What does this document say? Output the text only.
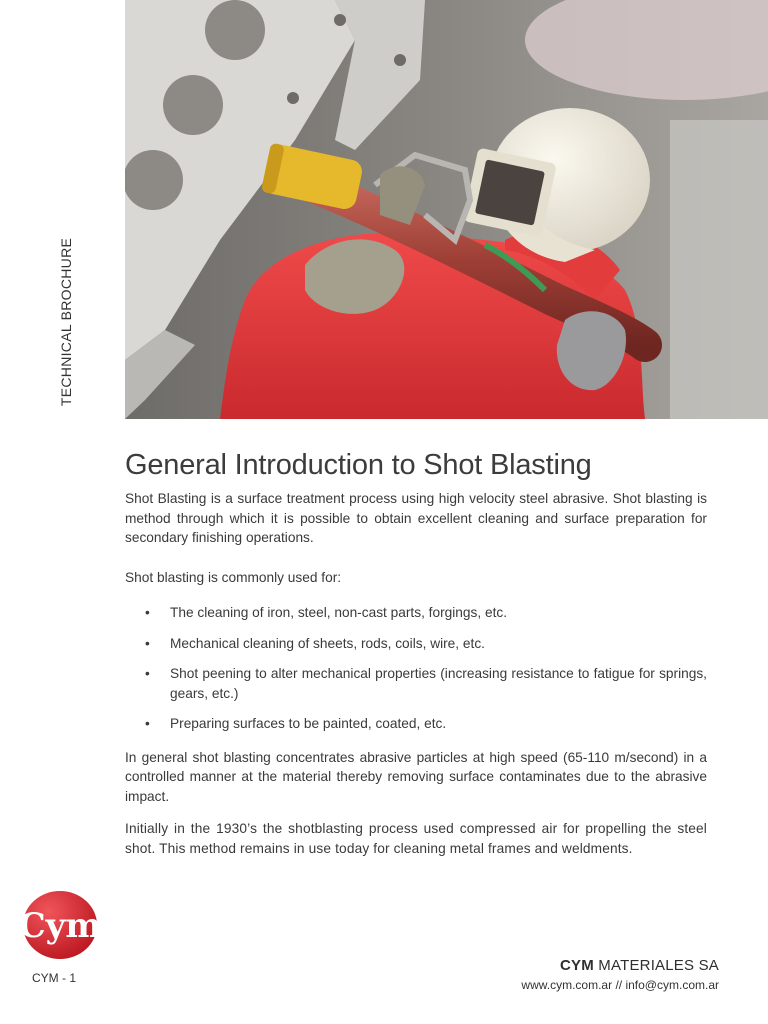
TECHNICAL BROCHURE
General Introduction to Shot Blasting

Shot Blasting is a surface treatment process using high velocity steel abrasive. Shot blasting is method through which it is possible to obtain excellent cleaning and surface preparation for secondary finishing operations.

Shot blasting is commonly used for:

• The cleaning of iron, steel, non-cast parts, forgings, etc.
• Mechanical cleaning of sheets, rods, coils, wire, etc.
• Shot peening to alter mechanical properties (increasing resistance to fatigue for springs, gears, etc.)
• Preparing surfaces to be painted, coated, etc.

In general shot blasting concentrates abrasive particles at high speed (65-110 m/second) in a controlled manner at the material thereby removing surface contaminates due to the abrasive impact.

Initially in the 1930’s the shotblasting process used compressed air for propelling the steel shot. This method remains in use today for cleaning metal frames and weldments.

Cym
CYM - 1
CYM MATERIALES SA
www.cym.com.ar // info@cym.com.ar
